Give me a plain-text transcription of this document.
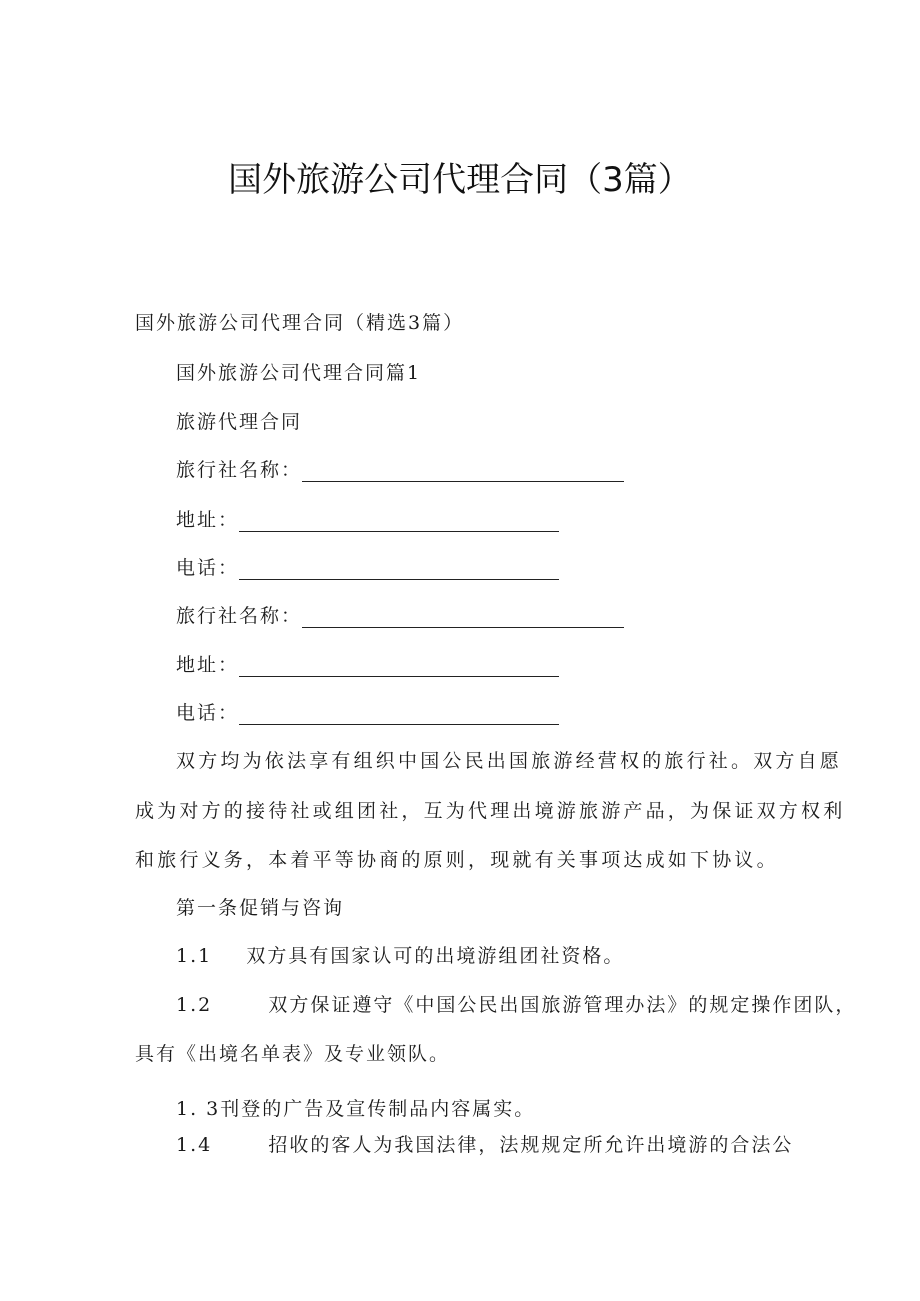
国外旅游公司代理合同（3篇）
国外旅游公司代理合同（精选3篇）
国外旅游公司代理合同篇1
旅游代理合同
旅行社名称：
地址：
电话：
旅行社名称：
地址：
电话：
双方均为依法享有组织中国公民出国旅游经营权的旅行社。双方自愿
成为对方的接待社或组团社，互为代理出境游旅游产品，为保证双方权利
和旅行义务，本着平等协商的原则，现就有关事项达成如下协议。
第一条促销与咨询
1.1 双方具有国家认可的出境游组团社资格。
1.2	双方保证遵守《中国公民出国旅游管理办法》的规定操作团队，
具有《出境名单表》及专业领队。
1. 3刊登的广告及宣传制品内容属实。
1.4	招收的客人为我国法律，法规规定所允许出境游的合法公
